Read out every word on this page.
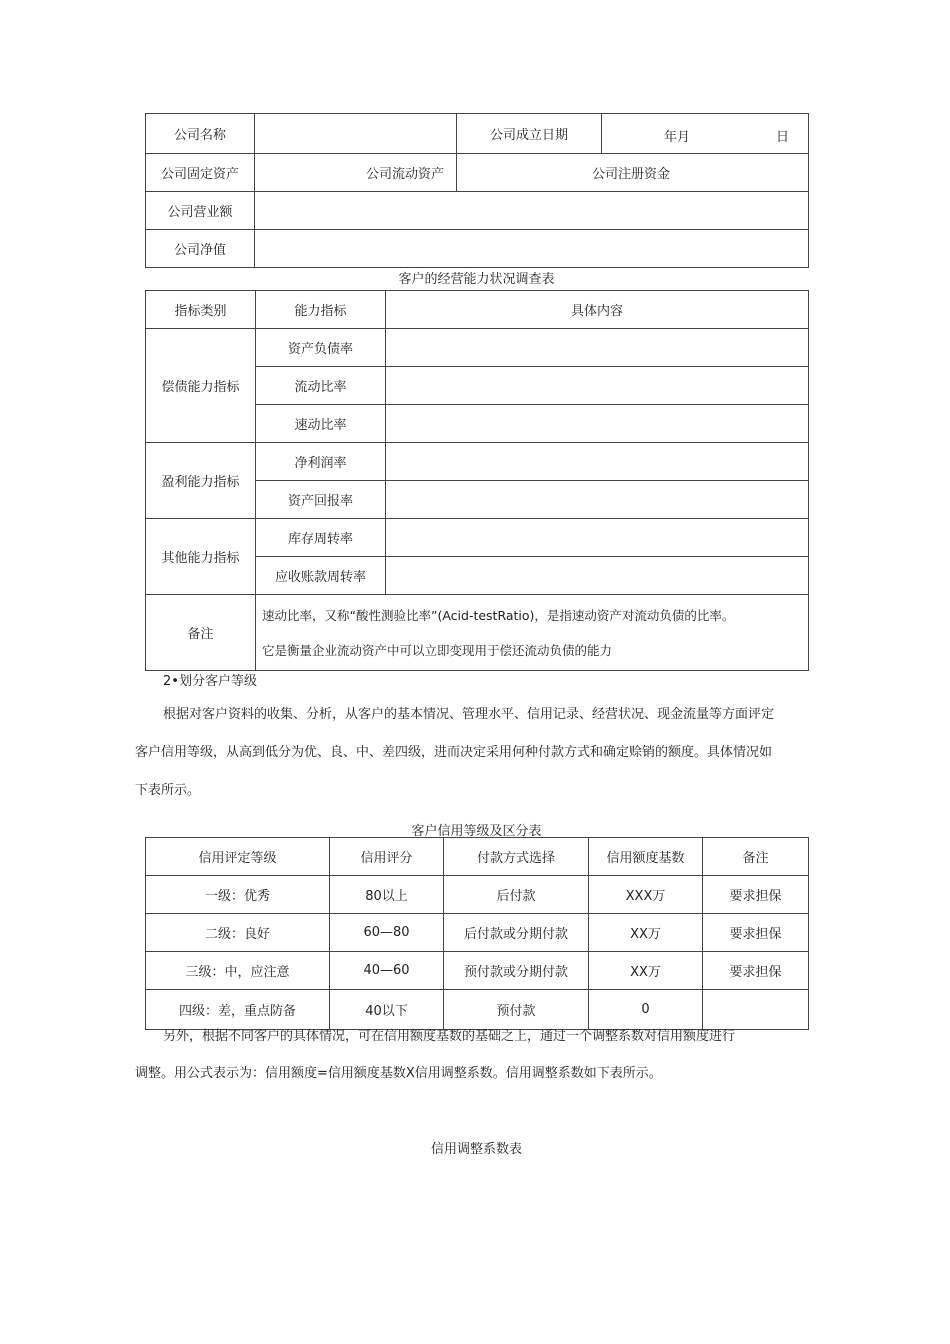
公司名称		公司成立日期	年月 日

公司固定资产	公司流动资产	公司注册资金	
公司营业额			
公司净值			
客户的经营能力状况调查表
指标类别	能力指标	具体内容
偿债能力指标	资产负债率	
	流动比率	
	速动比率	
盈利能力指标	净利润率	
	资产回报率	
其他能力指标	库存周转率	
	应收账款周转率	
备注	速动比率，又称“酸性测验比率”(Acid-testRatio)，是指速动资产对流动负债的比率。
它是衡量企业流动资产中可以立即变现用于偿还流动负债的能力	
2•划分客户等级
根据对客户资料的收集、分析，从客户的基本情况、管理水平、信用记录、经营状况、现金流量等方面评定
客户信用等级，从高到低分为优、良、中、差四级，进而决定采用何种付款方式和确定赊销的额度。具体情况如
下表所示。
客户信用等级及区分表
信用评定等级	信用评分	付款方式选择	信用额度基数	备注
一级：优秀	80以上	后付款	XXX万	要求担保
二级：良好	60—80	后付款或分期付款	XX万	要求担保
三级：中，应注意	40—60	预付款或分期付款	XX万	要求担保
四级：差，重点防备	40以下	预付款	0	
另外，根据不同客户的具体情况，可在信用额度基数的基础之上，通过一个调整系数对信用额度进行
调整。用公式表示为：信用额度=信用额度基数X信用调整系数。信用调整系数如下表所示。
信用调整系数表
